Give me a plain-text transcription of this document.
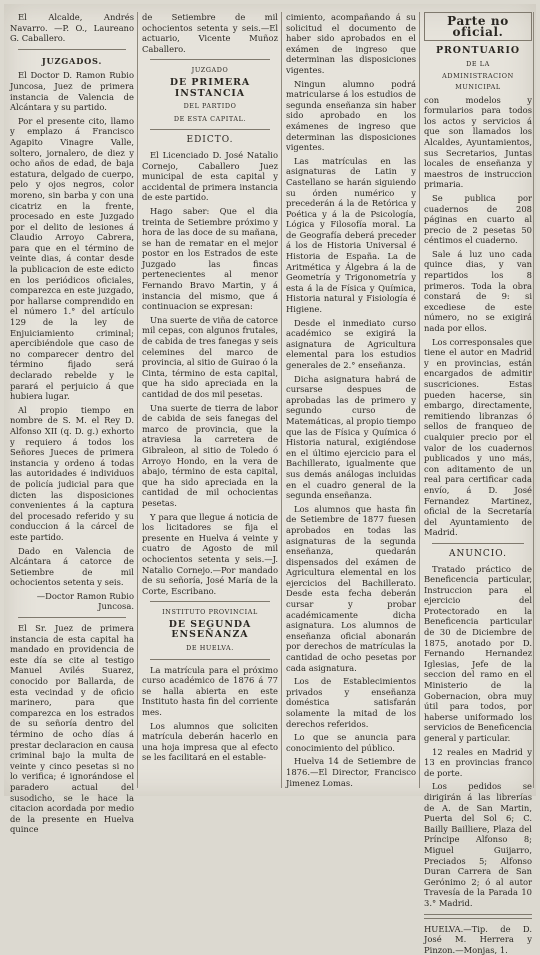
El Alcalde, Andrés Navarro. —P. O., Laureano G. Caballero.

JUZGADOS.

El Doctor D. Ramon Rubio Juncosa, Juez de primera instancia de Valencia de Alcántara y su partido.

Por el presente cito, llamo y emplazo á Francisco Agapito Vinagre Valle, soltero, jornalero, de diez y ocho años de edad, de baja estatura, delgado de cuerpo, pelo y ojos negros, color moreno, sin barba y con una cicatriz en la frente, procesado en este Juzgado por el delito de lesiones á Claudio Arroyo Cabrera, para que en el término de veinte dias, á contar desde la publicacion de este edicto en los periódicos oficiales, comparezca en este juzgado, por hallarse comprendido en el número 1.° del artículo 129 de la ley de Enjuiciamiento criminal; apercibiéndole que caso de no comparecer dentro del término fijado será declarado rebelde y le parará el perjuicio á que hubiera lugar.

Al propio tiempo en nombre de S. M. el Rey D. Alfonso XII (q. D. g.) exhorto y requiero á todos los Señores Jueces de primera instancia y ordeno á todas las autoridades é individuos de policía judicial para que dicten las disposiciones convenientes á la captura del procesado referido y su conduccion á la cárcel de este partido.

Dado en Valencia de Alcántara á catorce de Setiembre de mil ochocientos setenta y seis.

—Doctor Ramon Rubio Juncosa.

El Sr. Juez de primera instancia de esta capital ha mandado en providencia de este día se cite al testigo Manuel Avilés Suarez, conocido por Ballarda, de esta vecindad y de oficio marinero, para que comparezca en los estrados de su señoría dentro del término de ocho días á prestar declaracion en causa criminal bajo la multa de veinte y cinco pesetas si no lo verifica; é ignorándose el paradero actual del susodicho, se le hace la citacion acordada por medio de la presente en Huelva quince

de Setiembre de mil ochocientos setenta y seis.—El actuario, Vicente Muñoz Caballero.

JUZGADO
DE PRIMERA INSTANCIA
DEL PARTIDO
DE ESTA CAPITAL.
EDICTO.

El Licenciado D. José Natalio Cornejo, Caballero Juez municipal de esta capital y accidental de primera instancia de este partido.

Hago saber: Que el dia treinta de Setiembre próximo y hora de las doce de su mañana, se han de rematar en el mejor postor en los Estrados de este Juzgado las fincas pertenecientes al menor Fernando Bravo Martin, y á instancia del mismo, que á continuacion se expresan:

Una suerte de viña de catorce mil cepas, con algunos frutales, de cabida de tres fanegas y seis celemines del marco de provincia, al sitio de Guirao ó la Cinta, término de esta capital, que ha sido apreciada en la cantidad de dos mil pesetas.

Una suerte de tierra de labor de cabida de seis fanegas del marco de provincia, que la atraviesa la carretera de Gibraleon, al sitio de Toledo ó Arroyo Hondo, en la vera de abajo, término de esta capital, que ha sido apreciada en la cantidad de mil ochocientas pesetas.

Y para que llegue á noticia de los licitadores se fija el presente en Huelva á veinte y cuatro de Agosto de mil ochocientos setenta y seis.—J. Natalio Cornejo.—Por mandado de su señoría, José María de la Corte, Escribano.

INSTITUTO PROVINCIAL
DE SEGUNDA ENSEÑANZA
DE HUELVA.

La matrícula para el próximo curso académico de 1876 á 77 se halla abierta en este Instituto hasta fin del corriente mes.

Los alumnos que soliciten matrícula deberán hacerlo en una hoja impresa que al efecto se les facilitará en el estable-

cimiento, acompañando á su solicitud el documento de haber sido aprobados en el exámen de ingreso que determinan las disposiciones vigentes.

Ningun alumno podrá matricularse á los estudios de segunda enseñanza sin haber sido aprobado en los exámenes de ingreso que determinan las disposiciones vigentes.

Las matrículas en las asignaturas de Latin y Castellano se harán siguiendo su órden numérico y precederán á la de Retórica y Poética y á la de Psicología, Lógica y Filosofía moral. La de Geografía deberá preceder á los de Historia Universal é Historia de España. La de Aritmética y Álgebra á la de Geometría y Trigonometría y esta á la de Física y Química, Historia natural y Fisiología é Higiene.

Desde el inmediato curso académico se exigirá la asignatura de Agricultura elemental para los estudios generales de 2.° enseñanza.

Dicha asignatura habrá de cursarse despues de aprobadas las de primero y segundo curso de Matemáticas, al propio tiempo que las de Física y Química ó Historia natural, exigiéndose en el último ejercicio para el Bachillerato, igualmente que sus demás análogas incluidas en el cuadro general de la segunda enseñanza.

Los alumnos que hasta fin de Setiembre de 1877 fuesen aprobados en todas las asignaturas de la segunda enseñanza, quedarán dispensados del exámen de Agricultura elemental en los ejercicios del Bachillerato. Desde esta fecha deberán cursar y probar académicamente dicha asignatura. Los alumnos de enseñanza oficial abonarán por derechos de matrículas la cantidad de ocho pesetas por cada asignatura.

Los de Establecimientos privados y enseñanza doméstica satisfarán solamente la mitad de los derechos referidos.

Lo que se anuncia para conocimiento del público.

Huelva 14 de Setiembre de 1876.—El Director, Francisco Jimenez Lomas.

Parte no oficial.
PRONTUARIO
DE LA
ADMINISTRACION MUNICIPAL

con modelos y formularios para todos los actos y servicios á que son llamados los Alcaldes, Ayuntamientos, sus Secretarios, Juntas locales de enseñanza y maestros de instruccion primaria.

Se publica por cuadernos de 208 páginas en cuarto al precio de 2 pesetas 50 céntimos el cuaderno.

Sale á luz uno cada quince dias, y van repartidos los 8 primeros. Toda la obra constará de 9: si excediese de este número, no se exigirá nada por ellos.

Los corresponsales que tiene el autor en Madrid y en provincias, están encargados de admitir suscriciones. Estas pueden hacerse, sin embargo, directamente, remitiendo libranzas ó sellos de franqueo de cualquier precio por el valor de los cuadernos publicados y uno más, con aditamento de un real para certificar cada envío, á D. José Fernandez Martinez, oficial de la Secretaría del Ayuntamiento de Madrid.

ANUNCIO.

Tratado práctico de Beneficencia particular, Instruccion para el ejercicio del Protectorado en la Beneficencia particular de 30 de Diciembre de 1875, anotado por D. Fernando Hernandez Iglesias, Jefe de la seccion del ramo en el Ministerio de la Gobernacion, obra muy útil para todos, por haberse uniformado los servicios de Beneficencia general y particular.

12 reales en Madrid y 13 en provincias franco de porte.

Los pedidos se dirigirán á las librerías de A. de San Martin, Puerta del Sol 6; C. Bailly Bailliere, Plaza del Príncipe Alfonso 8; Miguel Guijarro, Preciados 5; Alfonso Duran Carrera de San Gerónimo 2; ó al autor Travesía de la Parada 10 3.° Madrid.

HUELVA.—Tip. de D. José M. Herrera y Pinzon.—Monjas, 1.
